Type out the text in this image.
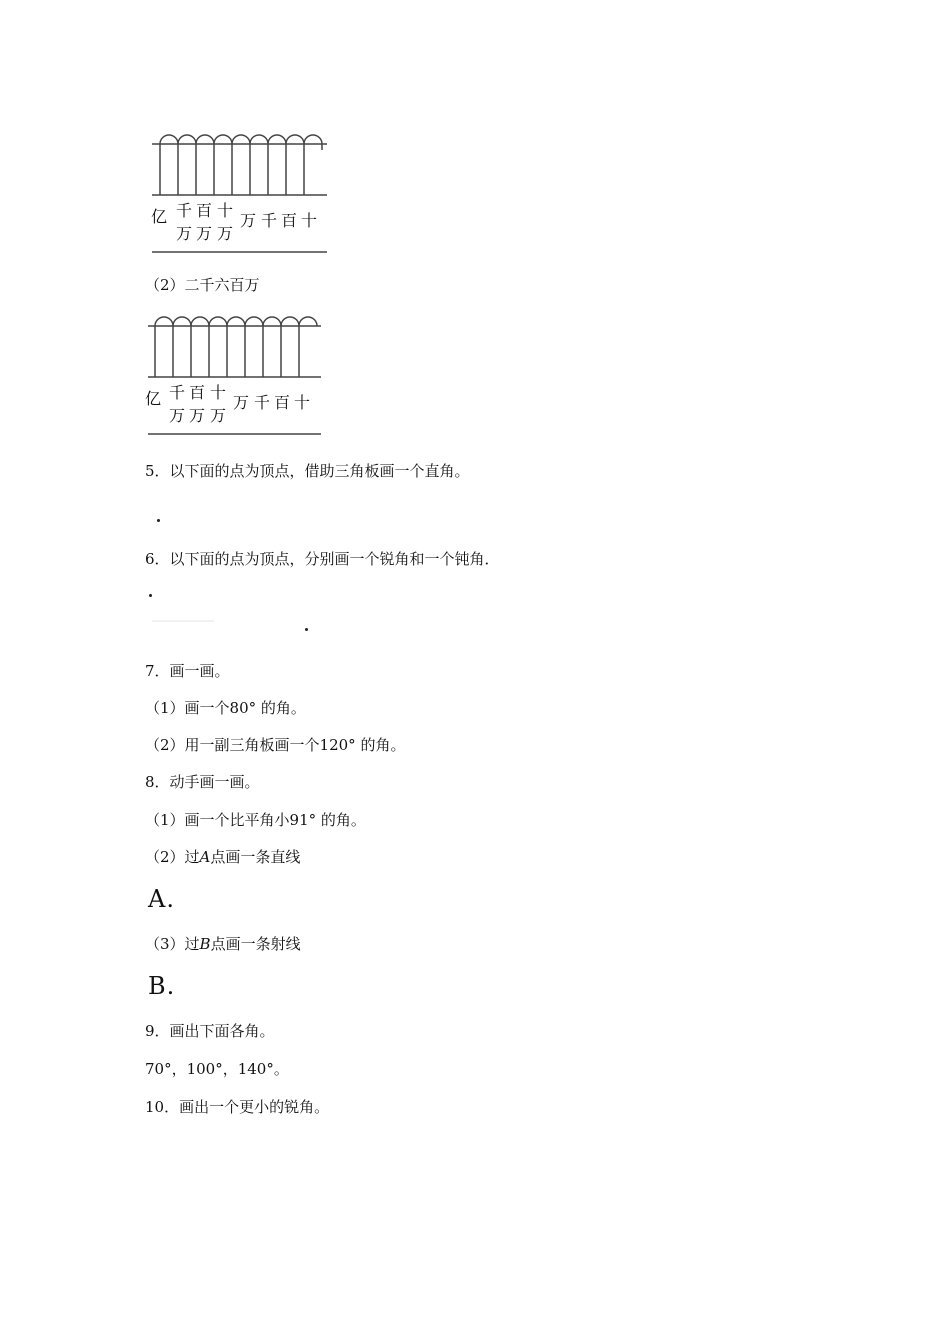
亿 千
万
百
万
十
万
万 千 百 十
（2）二千六百万
亿 千
万
百
万
十
万
万 千 百 十
5．以下面的点为顶点，借助三角板画一个直角。
6．以下面的点为顶点，分别画一个锐角和一个钝角．
7．画一画。
（1）画一个80° 的角。
（2）用一副三角板画一个120° 的角。
8．动手画一画。
（1）画一个比平角小91° 的角。
（2）过A点画一条直线
A.
（3）过B点画一条射线
B.
9．画出下面各角。
70°，100°，140°。
10．画出一个更小的锐角。
